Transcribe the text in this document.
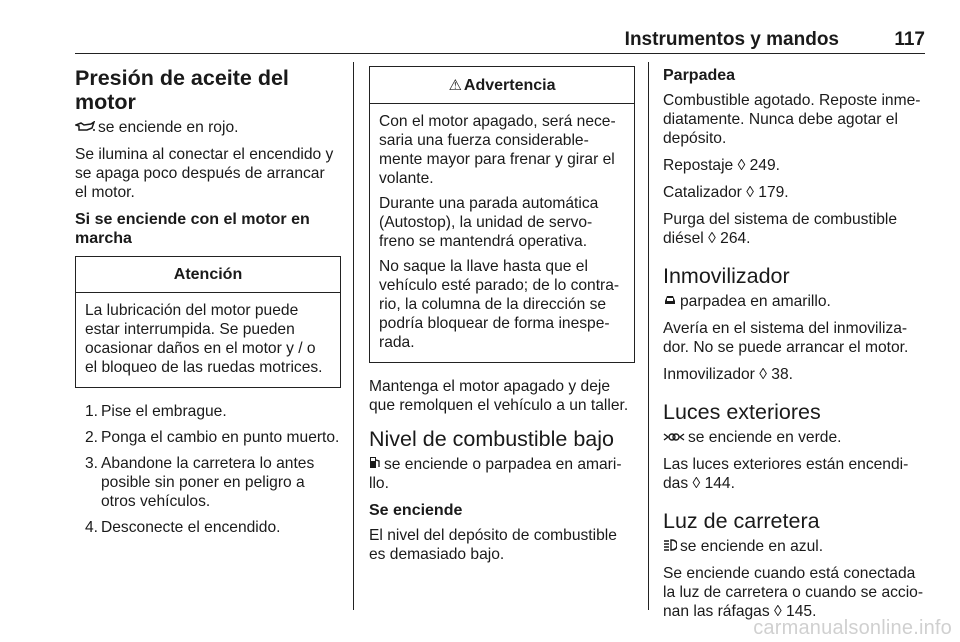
Instrumentos y mandos	117
Presión de aceite del motor

se enciende en rojo.

Se ilumina al conectar el encendido y se apaga poco después de arrancar el motor.

Si se enciende con el motor en marcha
Atención

La lubricación del motor puede estar interrumpida. Se pueden ocasionar daños en el motor y / o el bloqueo de las ruedas motrices.

1. Pise el embrague.
2. Ponga el cambio en punto muerto.
3. Abandone la carretera lo antes posible sin poner en peligro a otros vehículos.
4. Desconecte el encendido.
⚠ Advertencia

Con el motor apagado, será nece-saria una fuerza considerable-mente mayor para frenar y girar el volante.

Durante una parada automática (Autostop), la unidad de servo-freno se mantendrá operativa.

No saque la llave hasta que el vehículo esté parado; de lo contra-rio, la columna de la dirección se podría bloquear de forma inespe-rada.

Mantenga el motor apagado y deje que remolquen el vehículo a un taller.

Nivel de combustible bajo

se enciende o parpadea en amari-llo.

Se enciende

El nivel del depósito de combustible es demasiado bajo.

Parpadea

Combustible agotado. Reposte inme-diatamente. Nunca debe agotar el depósito.

Repostaje ◊ 249.

Catalizador ◊ 179.

Purga del sistema de combustible diésel ◊ 264.

Inmovilizador

parpadea en amarillo.

Avería en el sistema del inmoviliza-dor. No se puede arrancar el motor.

Inmovilizador ◊ 38.

Luces exteriores

se enciende en verde.

Las luces exteriores están encendi-das ◊ 144.

Luz de carretera

se enciende en azul.

Se enciende cuando está conectada la luz de carretera o cuando se accio-nan las ráfagas ◊ 145.

carmanualsonline.info
